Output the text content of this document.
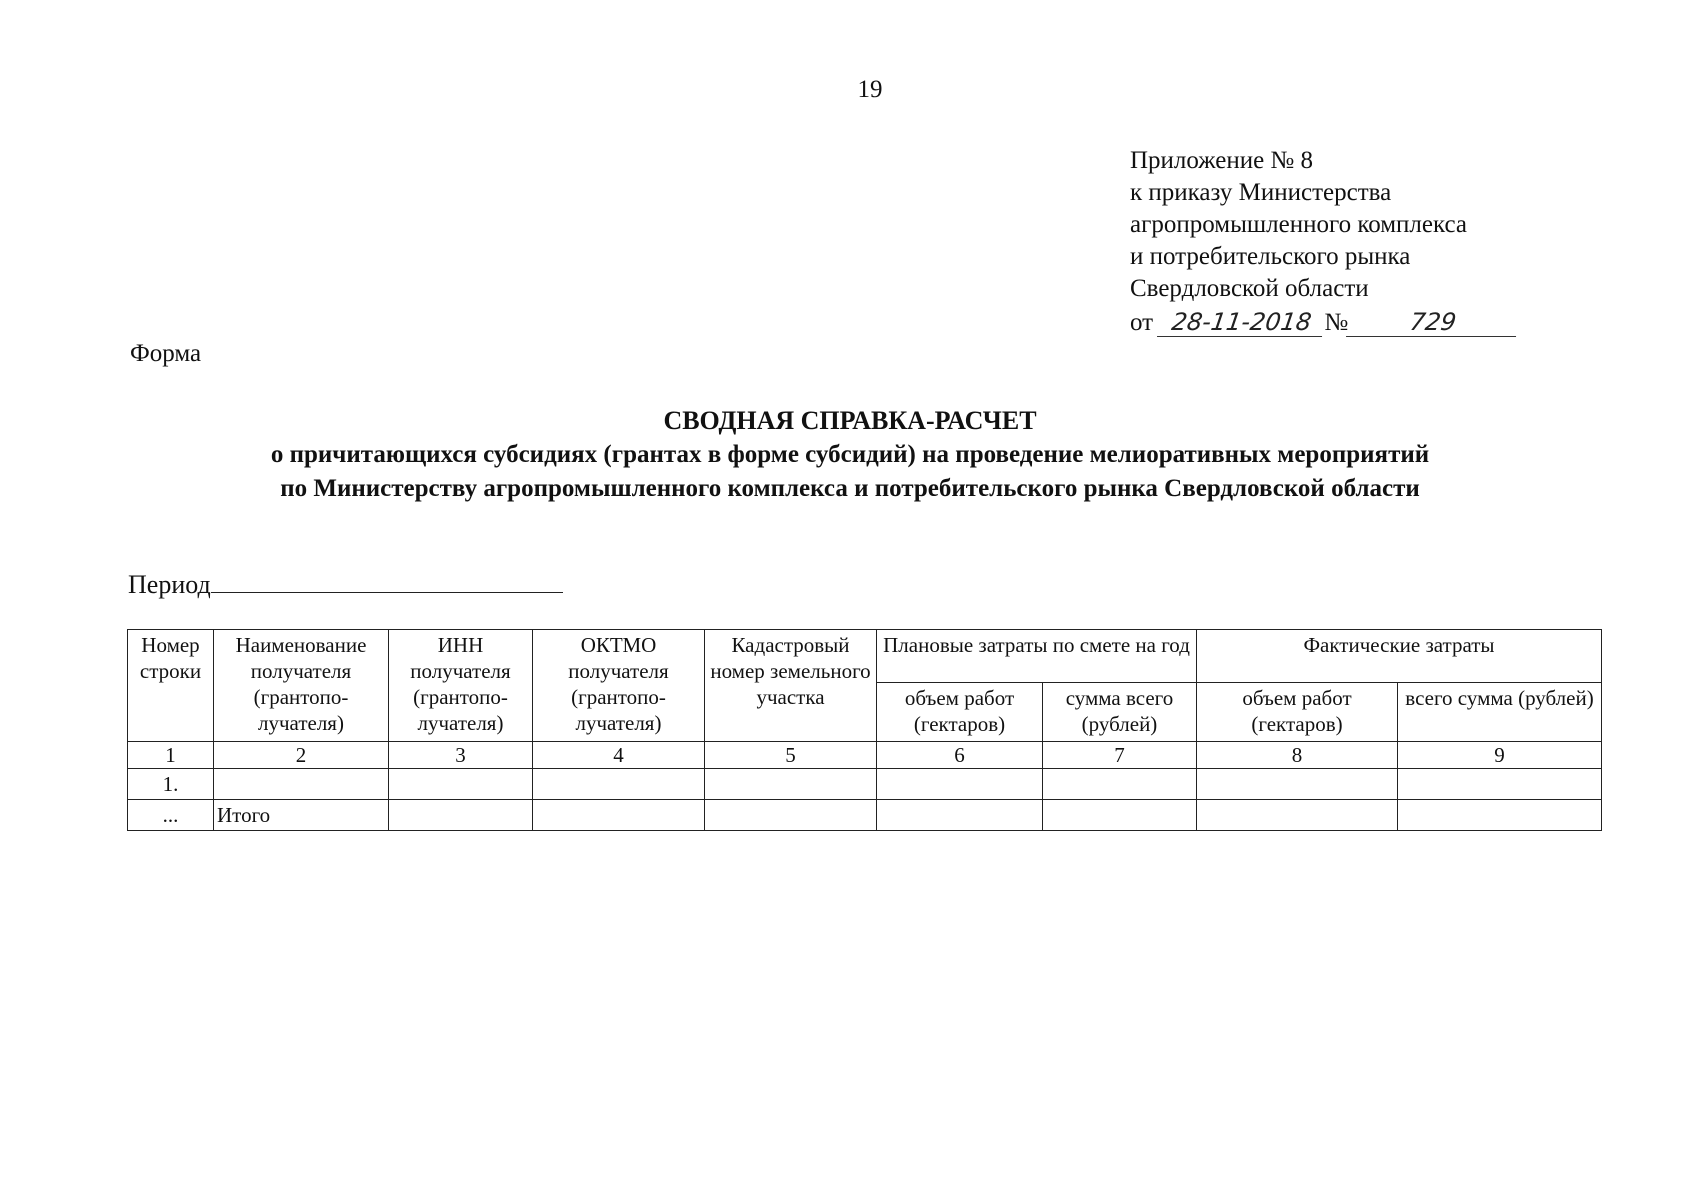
19
Приложение № 8
к приказу Министерства
агропромышленного комплекса
и потребительского рынка
Свердловской области
от 28-11-2018 №	729
Форма
СВОДНАЯ СПРАВКА-РАСЧЕТ
о причитающихся субсидиях (грантах в форме субсидий) на проведение мелиоративных мероприятий
по Министерству агропромышленного комплекса и потребительского рынка Свердловской области
Период
Номер строки	Наименование получателя (грантопо-лучателя)	ИНН получателя (грантопо-лучателя)	ОКТМО получателя (грантопо-лучателя)	Кадастровый номер земельного участка	Плановые затраты по смете на год		Фактические затраты	
					объем работ (гектаров)	сумма всего (рублей)	объем работ (гектаров)	всего сумма (рублей)
1	2	3	4	5	6	7	8	9
1.								
...	Итого							
